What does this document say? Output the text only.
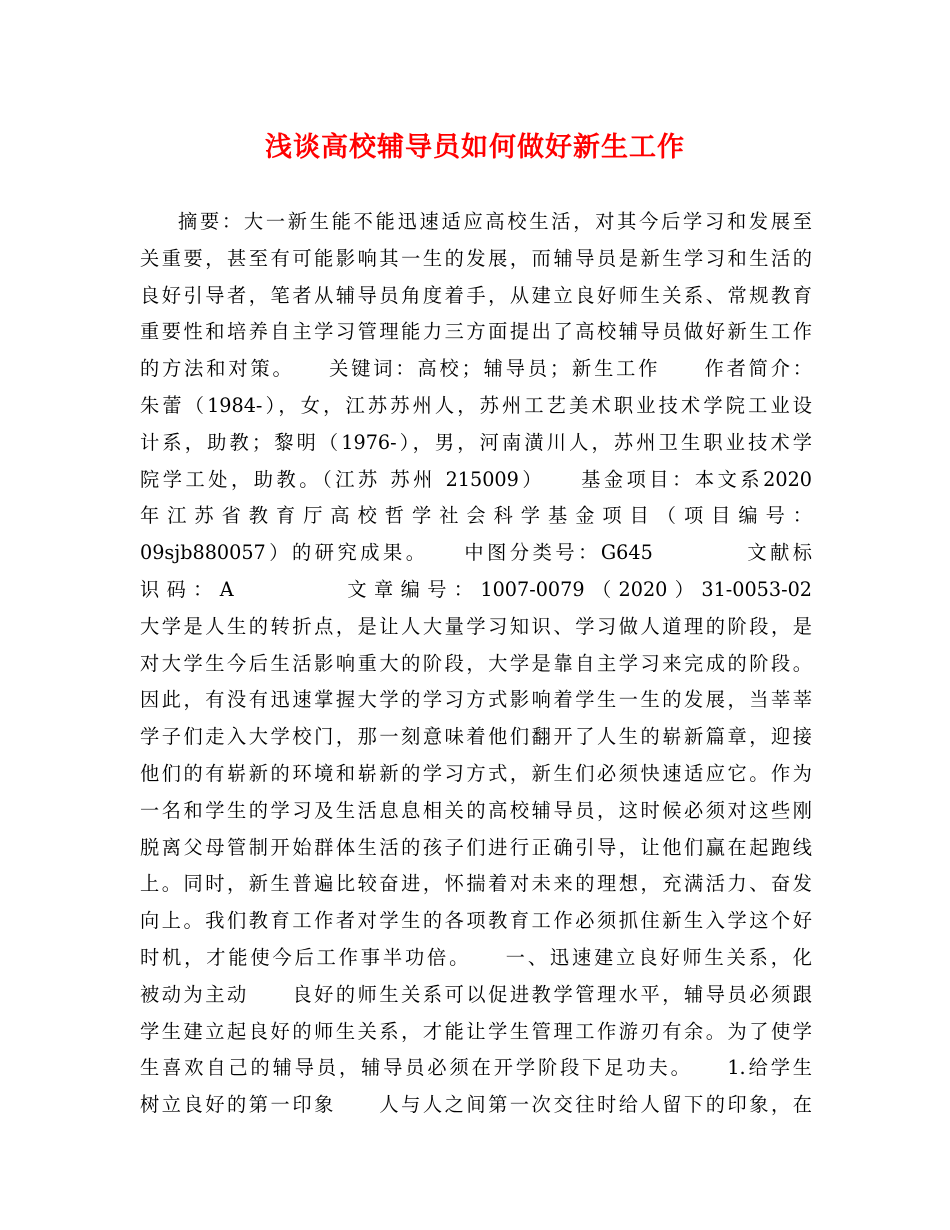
浅谈高校辅导员如何做好新生工作
摘要：大一新生能不能迅速适应高校生活，对其今后学习和发展至
关重要，甚至有可能影响其一生的发展，而辅导员是新生学习和生活的
良好引导者，笔者从辅导员角度着手，从建立良好师生关系、常规教育
重要性和培养自主学习管理能力三方面提出了高校辅导员做好新生工作
的方法和对策。　　关键词：高校；辅导员；新生工作　　作者简介：
朱蕾（1984-），女，江苏苏州人，苏州工艺美术职业技术学院工业设
计系，助教；黎明（1976-），男，河南潢川人，苏州卫生职业技术学
院学工处，助教。（江苏 苏州 215009）　　基金项目：本文系2020
年江苏省教育厅高校哲学社会科学基金项目（项目编号：
09sjb880057）的研究成果。　　中图分类号：G645　　　　文献标
识码：A　　　　文章编号：1007-0079（2020）31-0053-02
大学是人生的转折点，是让人大量学习知识、学习做人道理的阶段，是
对大学生今后生活影响重大的阶段，大学是靠自主学习来完成的阶段。
因此，有没有迅速掌握大学的学习方式影响着学生一生的发展，当莘莘
学子们走入大学校门，那一刻意味着他们翻开了人生的崭新篇章，迎接
他们的有崭新的环境和崭新的学习方式，新生们必须快速适应它。作为
一名和学生的学习及生活息息相关的高校辅导员，这时候必须对这些刚
脱离父母管制开始群体生活的孩子们进行正确引导，让他们赢在起跑线
上。同时，新生普遍比较奋进，怀揣着对未来的理想，充满活力、奋发
向上。我们教育工作者对学生的各项教育工作必须抓住新生入学这个好
时机，才能使今后工作事半功倍。　　一、迅速建立良好师生关系，化
被动为主动　　良好的师生关系可以促进教学管理水平，辅导员必须跟
学生建立起良好的师生关系，才能让学生管理工作游刃有余。为了使学
生喜欢自己的辅导员，辅导员必须在开学阶段下足功夫。　　1.给学生
树立良好的第一印象　　人与人之间第一次交往时给人留下的印象，在
